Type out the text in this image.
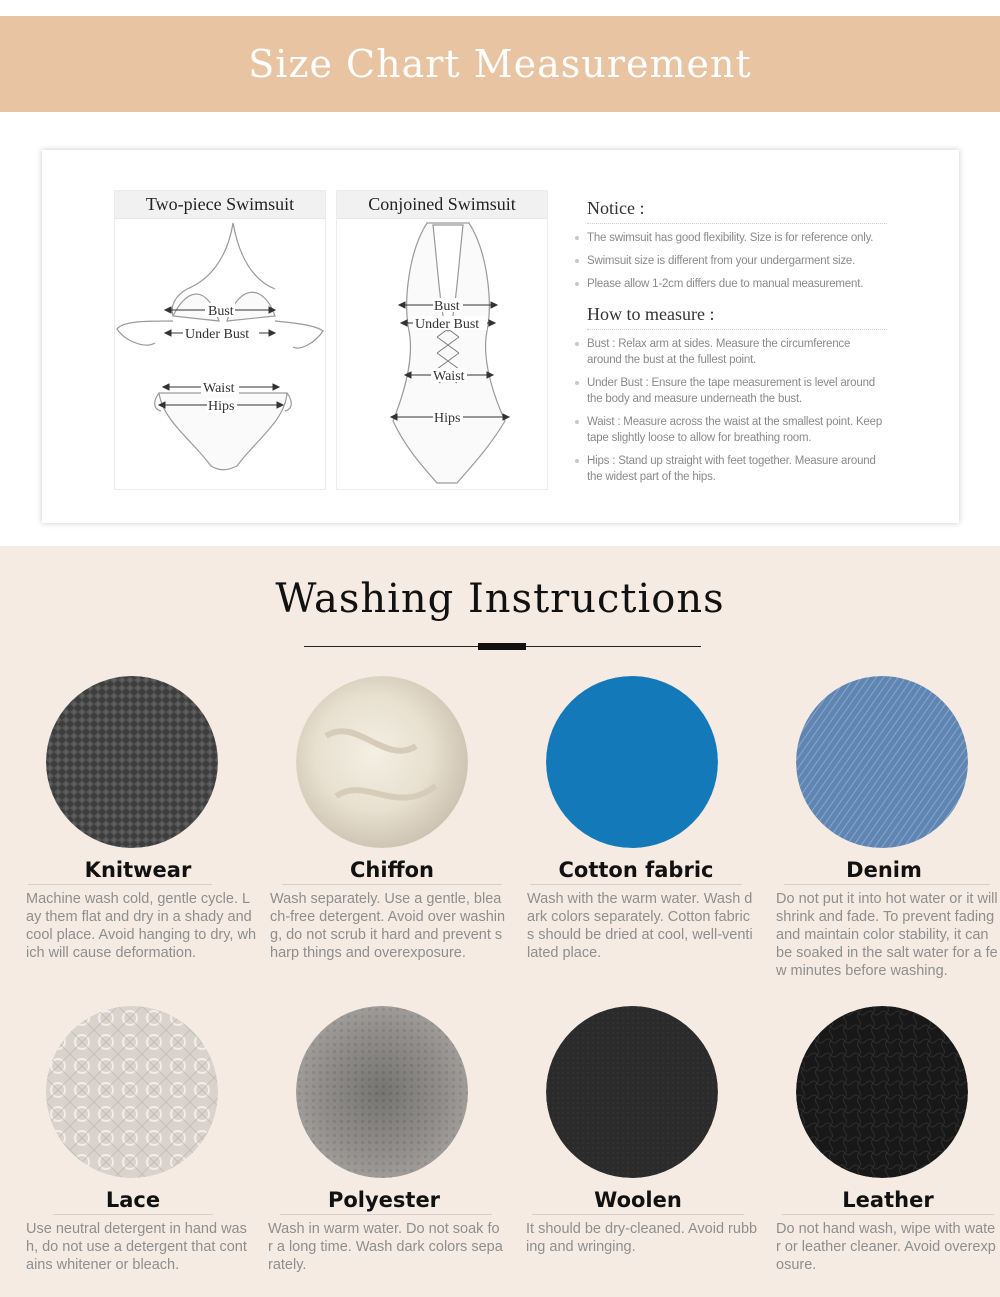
Size Chart Measurement
Two-piece Swimsuit
Bust
Under Bust
Waist
Hips
Conjoined Swimsuit
Bust
Under Bust
Waist
Hips
Notice :
The swimsuit has good flexibility. Size is for reference only.
Swimsuit size is different from your undergarment size.
Please allow 1-2cm differs due to manual measurement.
How to measure :
Bust : Relax arm at sides. Measure the circumference around the bust at the fullest point.
Under Bust : Ensure the tape measurement is level around the body and measure underneath the bust.
Waist : Measure across the waist at the smallest point. Keep tape slightly loose to allow for breathing room.
Hips : Stand up straight with feet together. Measure around the widest part of the hips.
Washing Instructions
Knitwear
Machine wash cold, gentle cycle. Lay them flat and dry in a shady and cool place. Avoid hanging to dry, which will cause deformation.
Chiffon
Wash separately. Use a gentle, bleach-free detergent. Avoid over washing, do not scrub it hard and prevent sharp things and overexposure.
Cotton fabric
Wash with the warm water. Wash dark colors separately. Cotton fabrics should be dried at cool, well-ventilated place.
Denim
Do not put it into hot water or it will shrink and fade. To prevent fading and maintain color stability, it can be soaked in the salt water for a few minutes before washing.
Lace
Use neutral detergent in hand wash, do not use a detergent that contains whitener or bleach.
Polyester
Wash in warm water. Do not soak for a long time. Wash dark colors separately.
Woolen
It should be dry-cleaned. Avoid rubbing and wringing.
Leather
Do not hand wash, wipe with water or leather cleaner. Avoid overexposure.
